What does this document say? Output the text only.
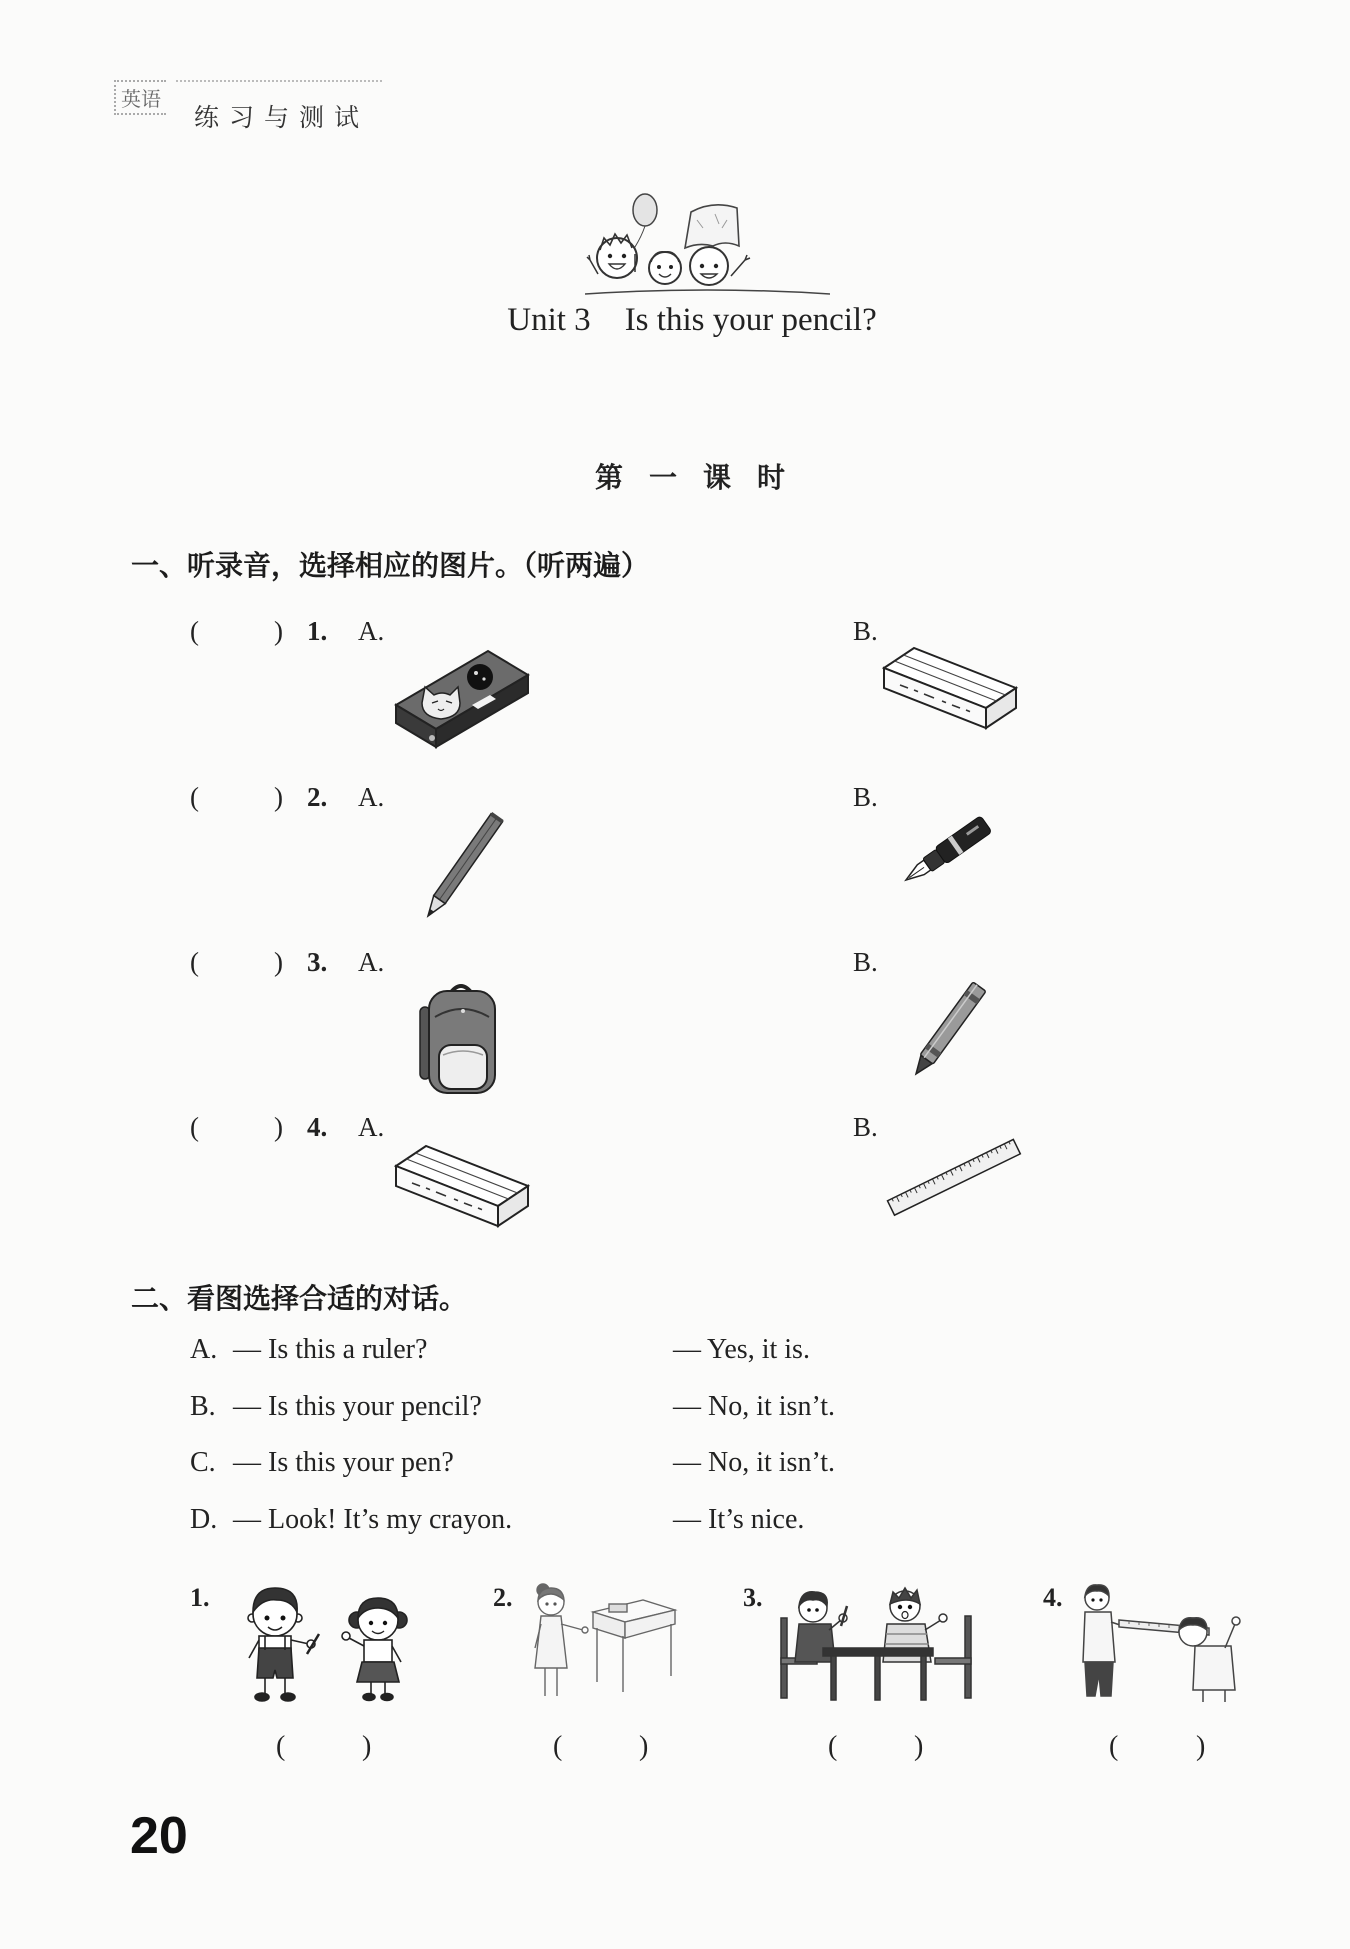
英语
练习与测试
Unit 3 Is this your pencil?
第一课时
一、听录音，选择相应的图片。（听两遍）
(	) 1. A.	B.
(	) 2. A.	B.
(	) 3. A.	B.
(	) 4. A.	B.
二、看图选择合适的对话。
A. — Is this a ruler?	— Yes, it is.
B. — Is this your pencil?	— No, it isn’t.
C. — Is this your pen?	— No, it isn’t.
D. — Look! It’s my crayon.	— It’s nice.
1.	2.	3.	4.
(	)	(	)	(	)	(	)
20
